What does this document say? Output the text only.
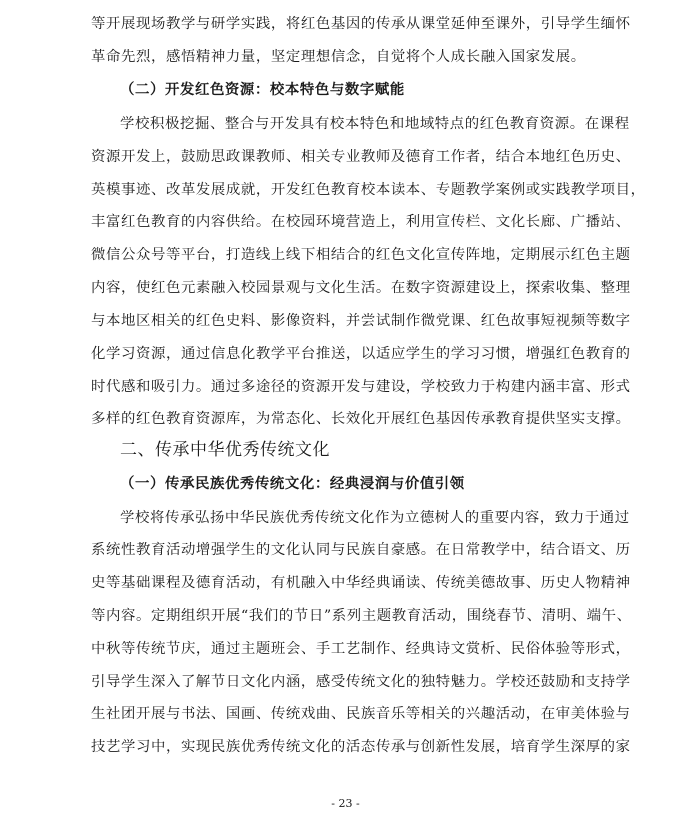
等开展现场教学与研学实践，将红色基因的传承从课堂延伸至课外，引导学生缅怀
革命先烈，感悟精神力量，坚定理想信念，自觉将个人成长融入国家发展。
（二）开发红色资源：校本特色与数字赋能
学校积极挖掘、整合与开发具有校本特色和地域特点的红色教育资源。在课程
资源开发上，鼓励思政课教师、相关专业教师及德育工作者，结合本地红色历史、
英模事迹、改革发展成就，开发红色教育校本读本、专题教学案例或实践教学项目，
丰富红色教育的内容供给。在校园环境营造上，利用宣传栏、文化长廊、广播站、
微信公众号等平台，打造线上线下相结合的红色文化宣传阵地，定期展示红色主题
内容，使红色元素融入校园景观与文化生活。在数字资源建设上，探索收集、整理
与本地区相关的红色史料、影像资料，并尝试制作微党课、红色故事短视频等数字
化学习资源，通过信息化教学平台推送，以适应学生的学习习惯，增强红色教育的
时代感和吸引力。通过多途径的资源开发与建设，学校致力于构建内涵丰富、形式
多样的红色教育资源库，为常态化、长效化开展红色基因传承教育提供坚实支撑。
二、传承中华优秀传统文化
（一）传承民族优秀传统文化：经典浸润与价值引领
学校将传承弘扬中华民族优秀传统文化作为立德树人的重要内容，致力于通过
系统性教育活动增强学生的文化认同与民族自豪感。在日常教学中，结合语文、历
史等基础课程及德育活动，有机融入中华经典诵读、传统美德故事、历史人物精神
等内容。定期组织开展“我们的节日”系列主题教育活动，围绕春节、清明、端午、
中秋等传统节庆，通过主题班会、手工艺制作、经典诗文赏析、民俗体验等形式，
引导学生深入了解节日文化内涵，感受传统文化的独特魅力。学校还鼓励和支持学
生社团开展与书法、国画、传统戏曲、民族音乐等相关的兴趣活动，在审美体验与
技艺学习中，实现民族优秀传统文化的活态传承与创新性发展，培育学生深厚的家
- 23 -
